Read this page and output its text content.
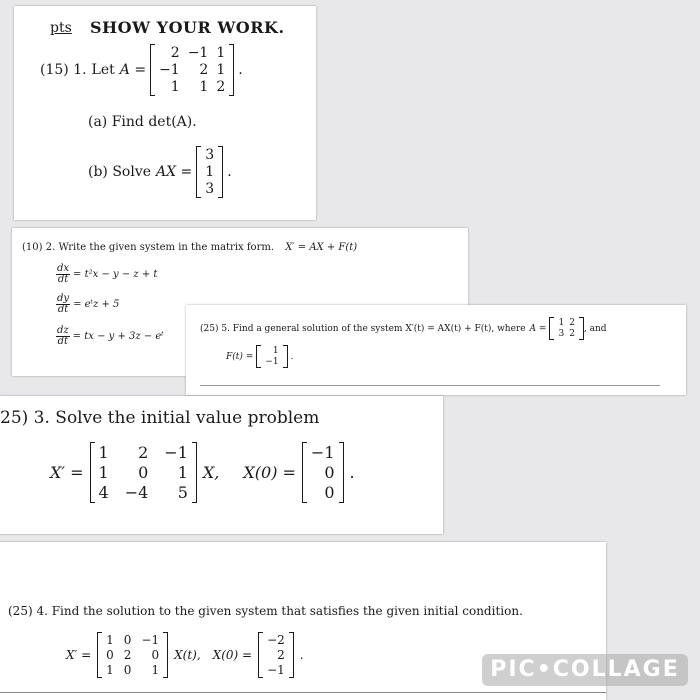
pts SHOW YOUR WORK.
(15) 1. Let A =
2 −1 1
−1	2 1
1	1 2
.
(a) Find det(A).
(b) Solve AX =
3
1
3
.
(10) 2. Write the given system in the matrix form. X′ = AX + F(t)
$\frac{dx}{dt} = t^2x - y - z + t$
$\frac{dy}{dt}$ = eᵗz + 5
$\frac{dz}{dt}$ = tx − y + 3z − eᵗ
(25) 5. Find a general solution of the system X′(t) = AX(t) + F(t), where A =
1 2
3 2
, and
F(t) =
1
−1
.
25) 3. Solve the initial value problem
X′ =
1	2 −1
1	0	1
4 −4	5
X, X(0) =
−1
0
0
.
(25) 4. Find the solution to the given system that satisfies the given initial condition.
X′ =
1 0 −1
0 2	0
1 0	1
X(t), X(0) =
−2
2
−1
.
PIC•COLLAGE
